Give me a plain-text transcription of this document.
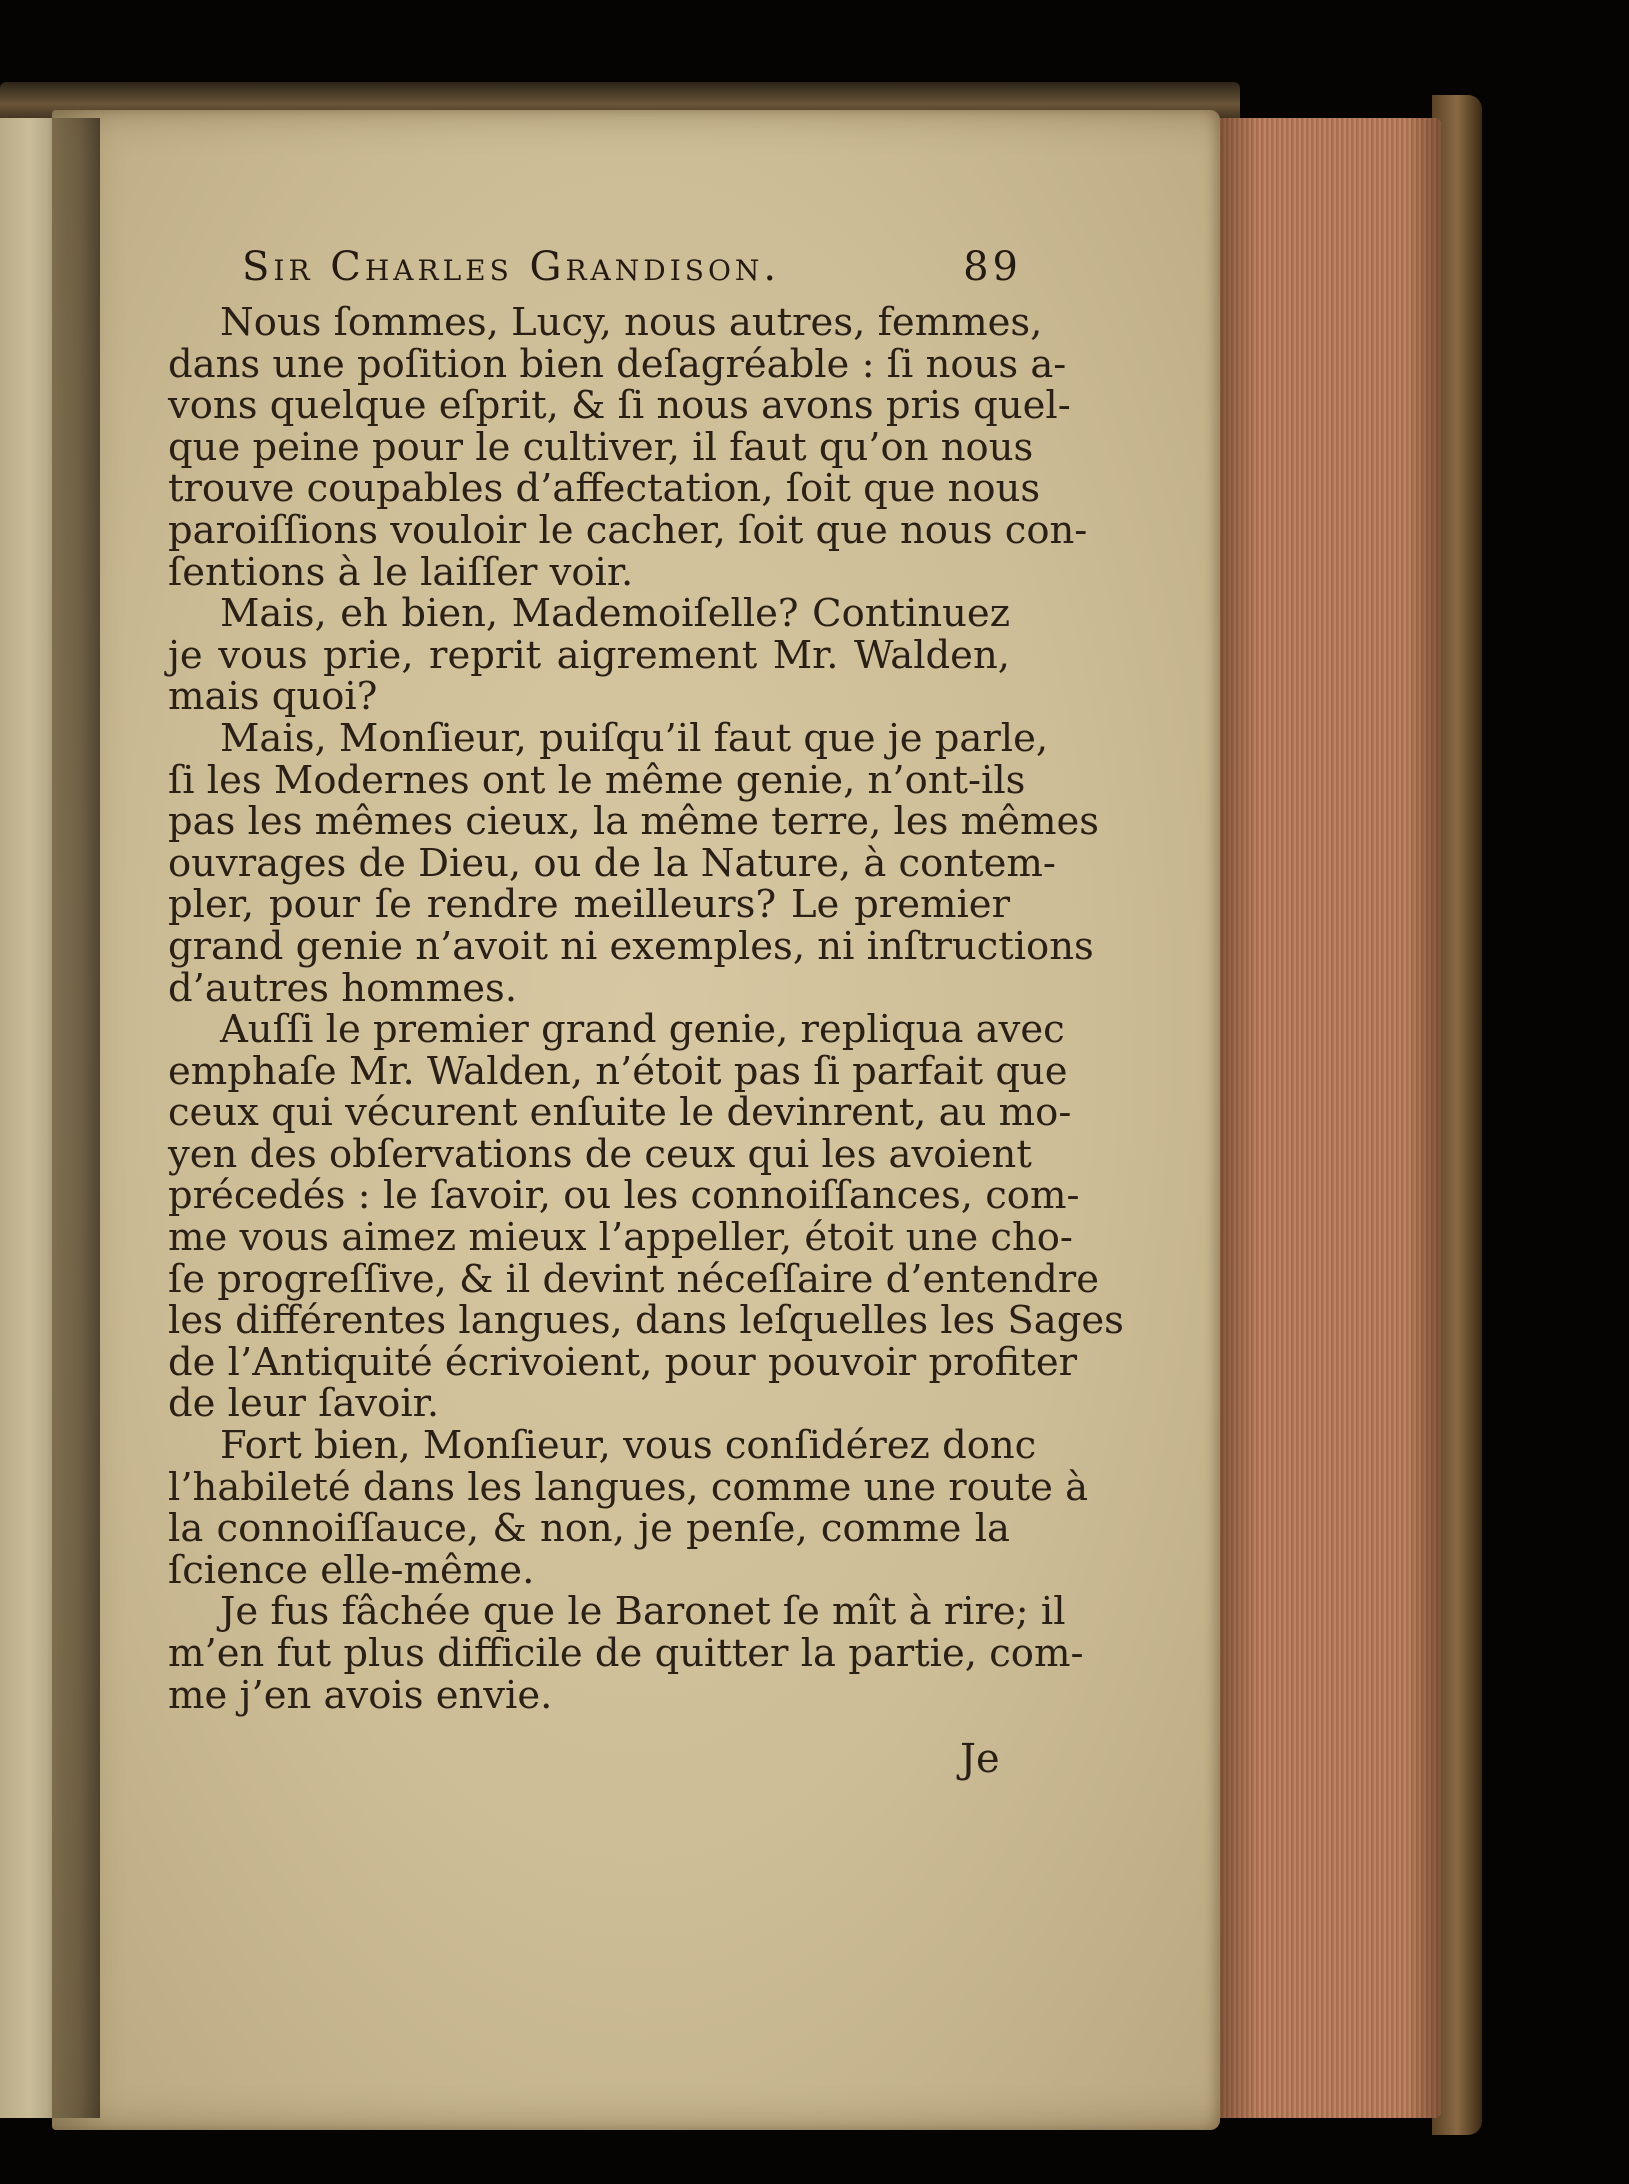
Sir Charles Grandison.	89
Nous ſommes, Lucy, nous autres, femmes,
dans une poſition bien deſagréable : ſi nous a-
vons quelque eſprit, & ſi nous avons pris quel-
que peine pour le cultiver, il faut qu’on nous
trouve coupables d’affectation, ſoit que nous
paroiſſions vouloir le cacher, ſoit que nous con-
ſentions à le laiſſer voir.
Mais, eh bien, Mademoiſelle? Continuez
je vous prie, reprit aigrement Mr. Walden,
mais quoi?
Mais, Monſieur, puiſqu’il faut que je parle,
ſi les Modernes ont le même genie, n’ont-ils
pas les mêmes cieux, la même terre, les mêmes
ouvrages de Dieu, ou de la Nature, à contem-
pler, pour ſe rendre meilleurs? Le premier
grand genie n’avoit ni exemples, ni inſtructions
d’autres hommes.
Auſſi le premier grand genie, repliqua avec
emphaſe Mr. Walden, n’étoit pas ſi parfait que
ceux qui vécurent enſuite le devinrent, au mo-
yen des obſervations de ceux qui les avoient
précedés : le ſavoir, ou les connoiſſances, com-
me vous aimez mieux l’appeller, étoit une cho-
ſe progreſſive, & il devint néceſſaire d’entendre
les différentes langues, dans leſquelles les Sages
de l’Antiquité écrivoient, pour pouvoir profiter
de leur ſavoir.
Fort bien, Monſieur, vous conſidérez donc
l’habileté dans les langues, comme une route à
la connoiſſauce, & non, je penſe, comme la
ſcience elle-même.
Je fus fâchée que le Baronet ſe mît à rire; il
m’en fut plus difficile de quitter la partie, com-
me j’en avois envie.
Je
